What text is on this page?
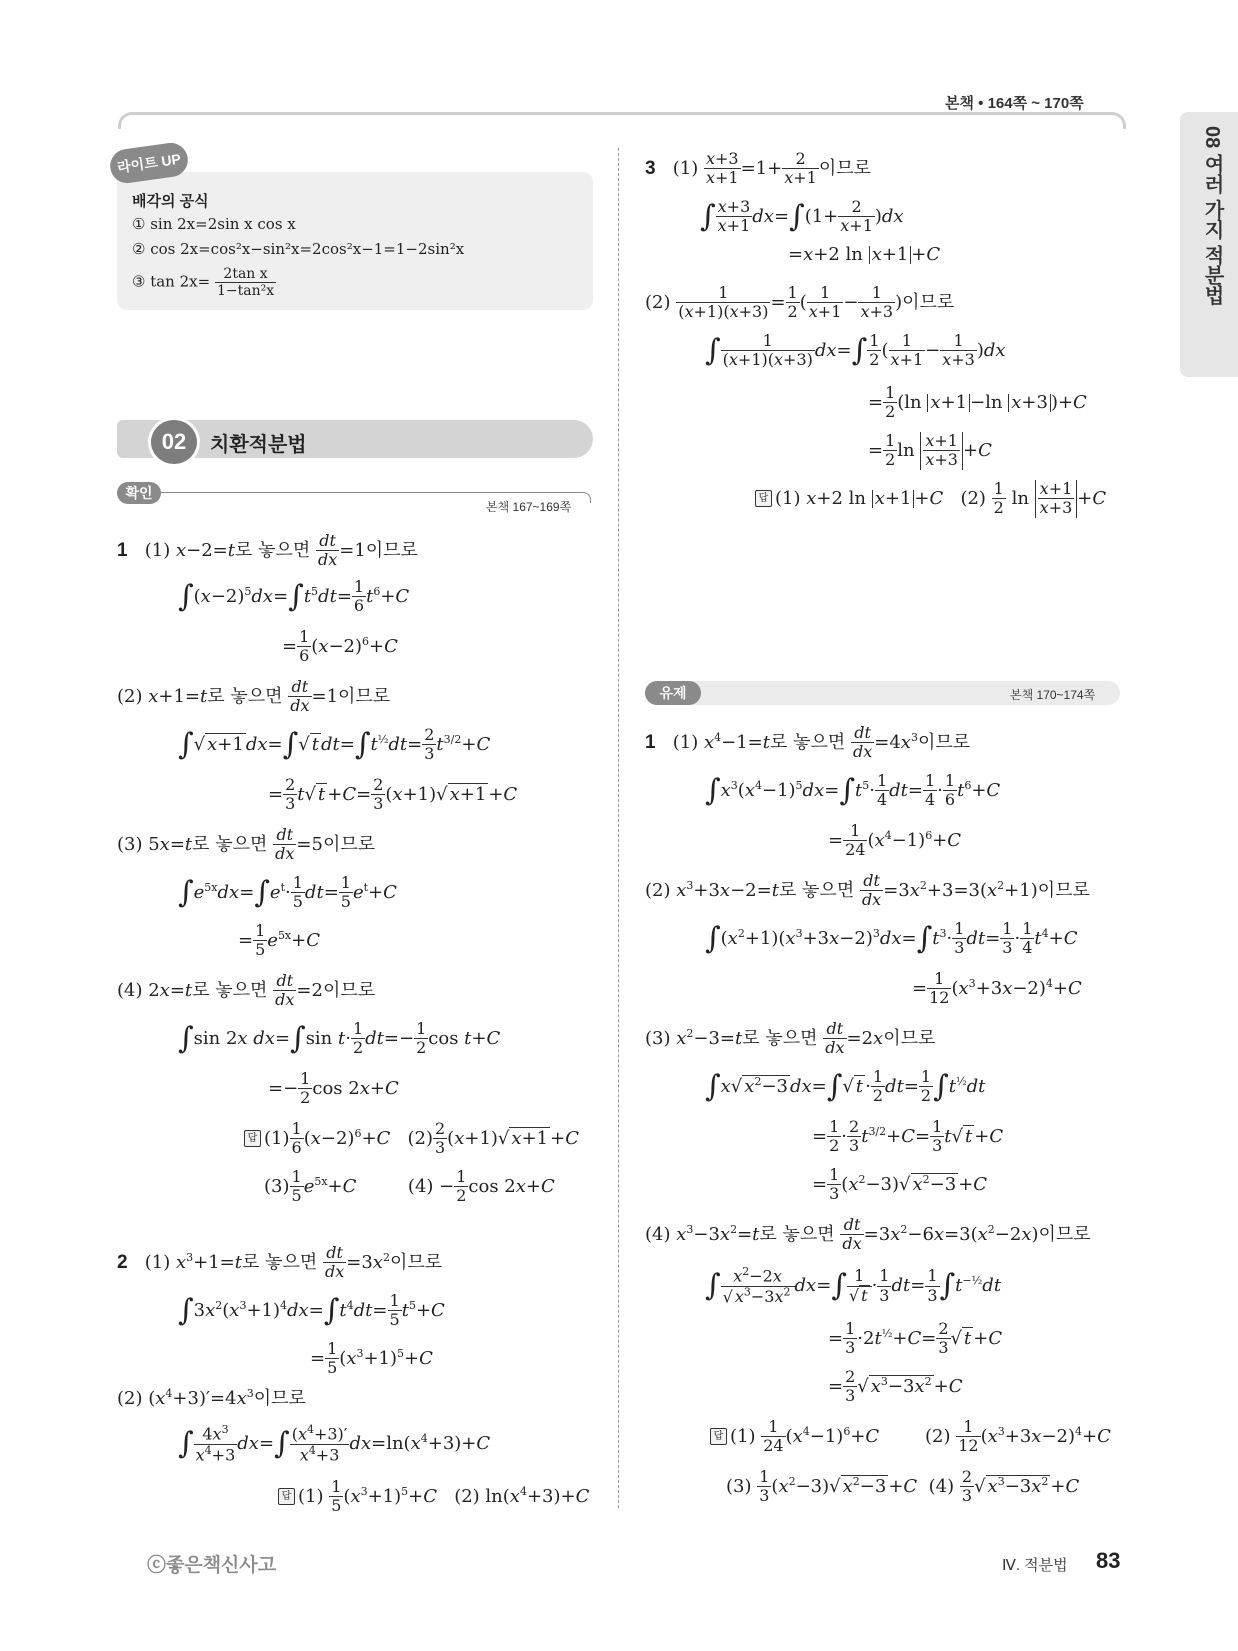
본책 • 164쪽 ~ 170쪽
08 여러 가지 적분법
라이트 UP
배각의 공식
① sin 2x=2sin x cos x
② cos 2x=cos²x−sin²x=2cos²x−1=1−2sin²x
③ $\tan 2x= \frac{\text{2tan x}}{\text{1−tan²x}}$
02	치환적분법
확인
본책 167~169쪽
1   (1) x−2=t로 놓으면 $\frac{dt}{dx} =1$이므로
$\int(x-2)^5dx=\int t^5dt= \frac{1}{6} t^6+C$
= $\frac{1}{6} (x-2)^6+C$
(2) x+1=t로 놓으면 $\frac{dt}{dx} =1$이므로
∫√ x+1 dx=∫√ t $dt=\int t^{\frac{1}{2}}dt= \frac{2}{3} t^{3/2}+C$
= $\frac{2}{3} t√$ $t +C= \frac{2}{3} (x+1)√$ x+1 +C
(3) 5x=t로 놓으면 $\frac{dt}{dx} =5$이므로
$\int e^{5x}dx=\int e^t\cdot \frac{1}{5} dt= \frac{1}{5} e^t+C$
= $\frac{1}{5} e^{5x}+C$
(4) 2x=t로 놓으면 $\frac{dt}{dx} =2$이므로
∫sin 2x dx=∫sin $t\cdot \frac{1}{2} dt=- \frac{1}{2}$ cos t+C
=− $\frac{1}{2}$ cos 2x+C
답 $(1) \frac{1}{6} (x-2)^6+C$   $(2) \frac{2}{3} (x+1)√$ x+1 +C
$(3) \frac{1}{5} e^{5x}+C$         $(4) - \frac{1}{2}$ cos 2x+C
2   (1) $x^3+1=t$로 놓으면 $\frac{dt}{dx} =3x^2$이므로
$\int 3x^2(x^3+1)^4dx=\int t^4dt= \frac{1}{5} t^5+C$
= $\frac{1}{5} (x^3+1)^5+C$
(2) $(x^4+3)'=4x^3$이므로
∫ $\frac{4x^3}{x^4+3} dx=\int \frac{(x^4+3)'}{x^4+3} dx=\ln(x^4+3)+C$
답 $(1) \frac{1}{5} (x^3+1)^5+C$   (2) $\ln(x^4+3)+C$
3   $(1) \frac{x+3}{x+1} =1+ \frac{2}{x+1}$ 이므로
∫ $\frac{x+3}{x+1} dx=\int(1+ \frac{2}{x+1} )dx$
=x+2 ln x+1 +C
$(2) \frac{1}{(x+1)(x+3)} = \frac{1}{2}$ ( $\frac{1}{x+1} - \frac{1}{x+3}$ )이므로
∫ $\frac{1}{(x+1)(x+3)} dx=\int \frac{1}{2}$ ( $\frac{1}{x+1} - \frac{1}{x+3} )dx$
= $\frac{1}{2} (\ln$ x+1 −ln x+3 )+C
= $\frac{1}{2}$ $\ln \frac{x+1}{x+3} +C$
답 (1) x+2 ln x+1 +C   $(2) \frac{1}{2}$ $\ln \frac{x+1}{x+3} +C$
유제	본책 170~174쪽
1   (1) $x^4-1=t$로 놓으면 $\frac{dt}{dx} =4x^3$이므로
$\int x^3(x^4-1)^5dx=\int t^5\cdot \frac{1}{4} dt= \frac{1}{4} \cdot \frac{1}{6} t^6+C$
= $\frac{1}{24} (x^4-1)^6+C$
(2) $x^3+3x-2=t$로 놓으면 $\frac{dt}{dx} =3x^2+3=3(x^2+1)$이므로
$\int(x^2+1)(x^3+3x-2)^3dx=\int t^3\cdot \frac{1}{3} dt= \frac{1}{3} \cdot \frac{1}{4} t^4+C$
= $\frac{1}{12} (x^3+3x-2)^4+C$
(3) $x^2-3=t$로 놓으면 $\frac{dt}{dx} =2x$이므로
∫x√ $x^2-3$ dx=∫√ $t \cdot \frac{1}{2} dt= \frac{1}{2} \int t^{\frac{1}{2}}dt$
= $\frac{1}{2} \cdot \frac{2}{3} t^{3/2}+C= \frac{1}{3} t√$ t +C
= $\frac{1}{3} (x^2-3)√$ $x^2-3 +C$
(4) $x^3-3x^2=t$로 놓으면 $\frac{dt}{dx} =3x^2-6x=3(x^2-2x)$이므로
∫ $\frac{x^2-2x}{√ x^3-3x^2} dx=\int \frac{1}{√ t} \cdot \frac{1}{3} dt= \frac{1}{3} \int t^{-\frac{1}{2}}dt$
= $\frac{1}{3} \cdot 2t^{\frac{1}{2}}+C= \frac{2}{3}$ √ t +C
= $\frac{2}{3}$ √ $x^3-3x^2 +C$
답 $(1) \frac{1}{24} (x^4-1)^6+C$        $(2) \frac{1}{12} (x^3+3x-2)^4+C$
$(3) \frac{1}{3} (x^2-3)√$ $x^2-3 +C$  $(4) \frac{2}{3}$ √ $x^3-3x^2 +C$
ⓒ좋은책신사고	Ⅳ. 적분법 83
